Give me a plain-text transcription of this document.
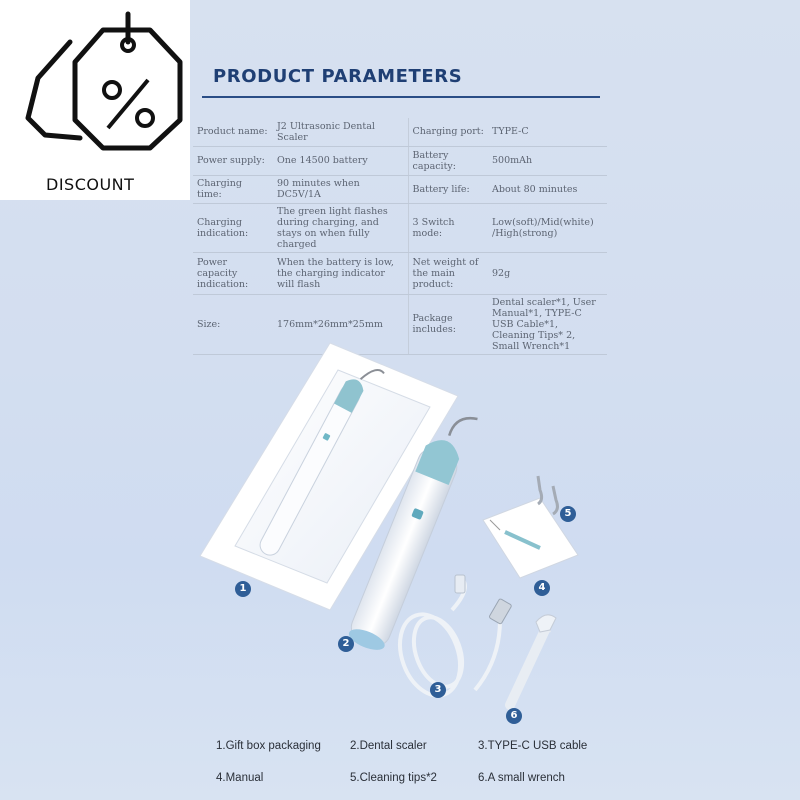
DISCOUNT
PRODUCT PARAMETERS
Product name:	J2 Ultrasonic Dental Scaler	Charging port:	TYPE-C
Power supply:	One 14500 battery	Battery capacity:	500mAh
Charging time:	90 minutes when DC5V/1A	Battery life:	About 80 minutes
Charging indication:	The green light flashes during charging, and stays on when fully charged	3 Switch mode:	Low(soft)/Mid(white) /High(strong)
Power capacity indication:	When the battery is low, the charging indicator will flash	Net weight of the main product:	92g
Size:	176mm*26mm*25mm	Package includes:	Dental scaler*1, User Manual*1, TYPE-C USB Cable*1, Cleaning Tips* 2, Small Wrench*1
1
2
3
4
5
6
1.Gift box packaging	2.Dental scaler	3.TYPE-C USB cable
4.Manual	5.Cleaning tips*2	6.A small wrench
